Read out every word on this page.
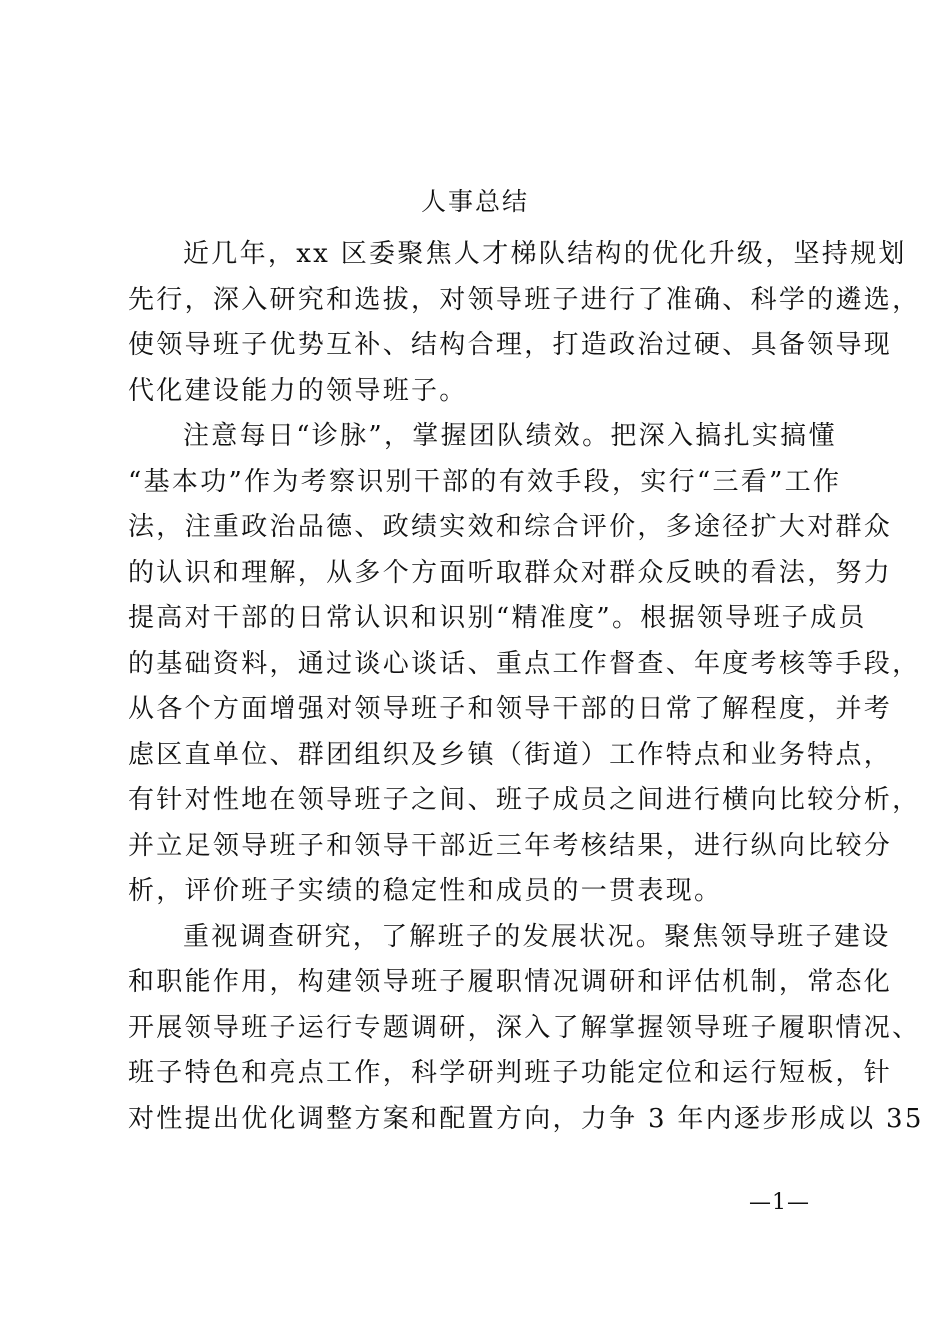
人事总结
近几年，xx 区委聚焦人才梯队结构的优化升级，坚持规划
先行，深入研究和选拔，对领导班子进行了准确、科学的遴选，
使领导班子优势互补、结构合理，打造政治过硬、具备领导现
代化建设能力的领导班子。
注意每日“诊脉”，掌握团队绩效。把深入搞扎实搞懂
“基本功”作为考察识别干部的有效手段，实行“三看”工作
法，注重政治品德、政绩实效和综合评价，多途径扩大对群众
的认识和理解，从多个方面听取群众对群众反映的看法，努力
提高对干部的日常认识和识别“精准度”。根据领导班子成员
的基础资料，通过谈心谈话、重点工作督查、年度考核等手段，
从各个方面增强对领导班子和领导干部的日常了解程度，并考
虑区直单位、群团组织及乡镇（街道）工作特点和业务特点，
有针对性地在领导班子之间、班子成员之间进行横向比较分析，
并立足领导班子和领导干部近三年考核结果，进行纵向比较分
析，评价班子实绩的稳定性和成员的一贯表现。
重视调查研究，了解班子的发展状况。聚焦领导班子建设
和职能作用，构建领导班子履职情况调研和评估机制，常态化
开展领导班子运行专题调研，深入了解掌握领导班子履职情况、
班子特色和亮点工作，科学研判班子功能定位和运行短板，针
对性提出优化调整方案和配置方向，力争 3 年内逐步形成以 35
—1—
